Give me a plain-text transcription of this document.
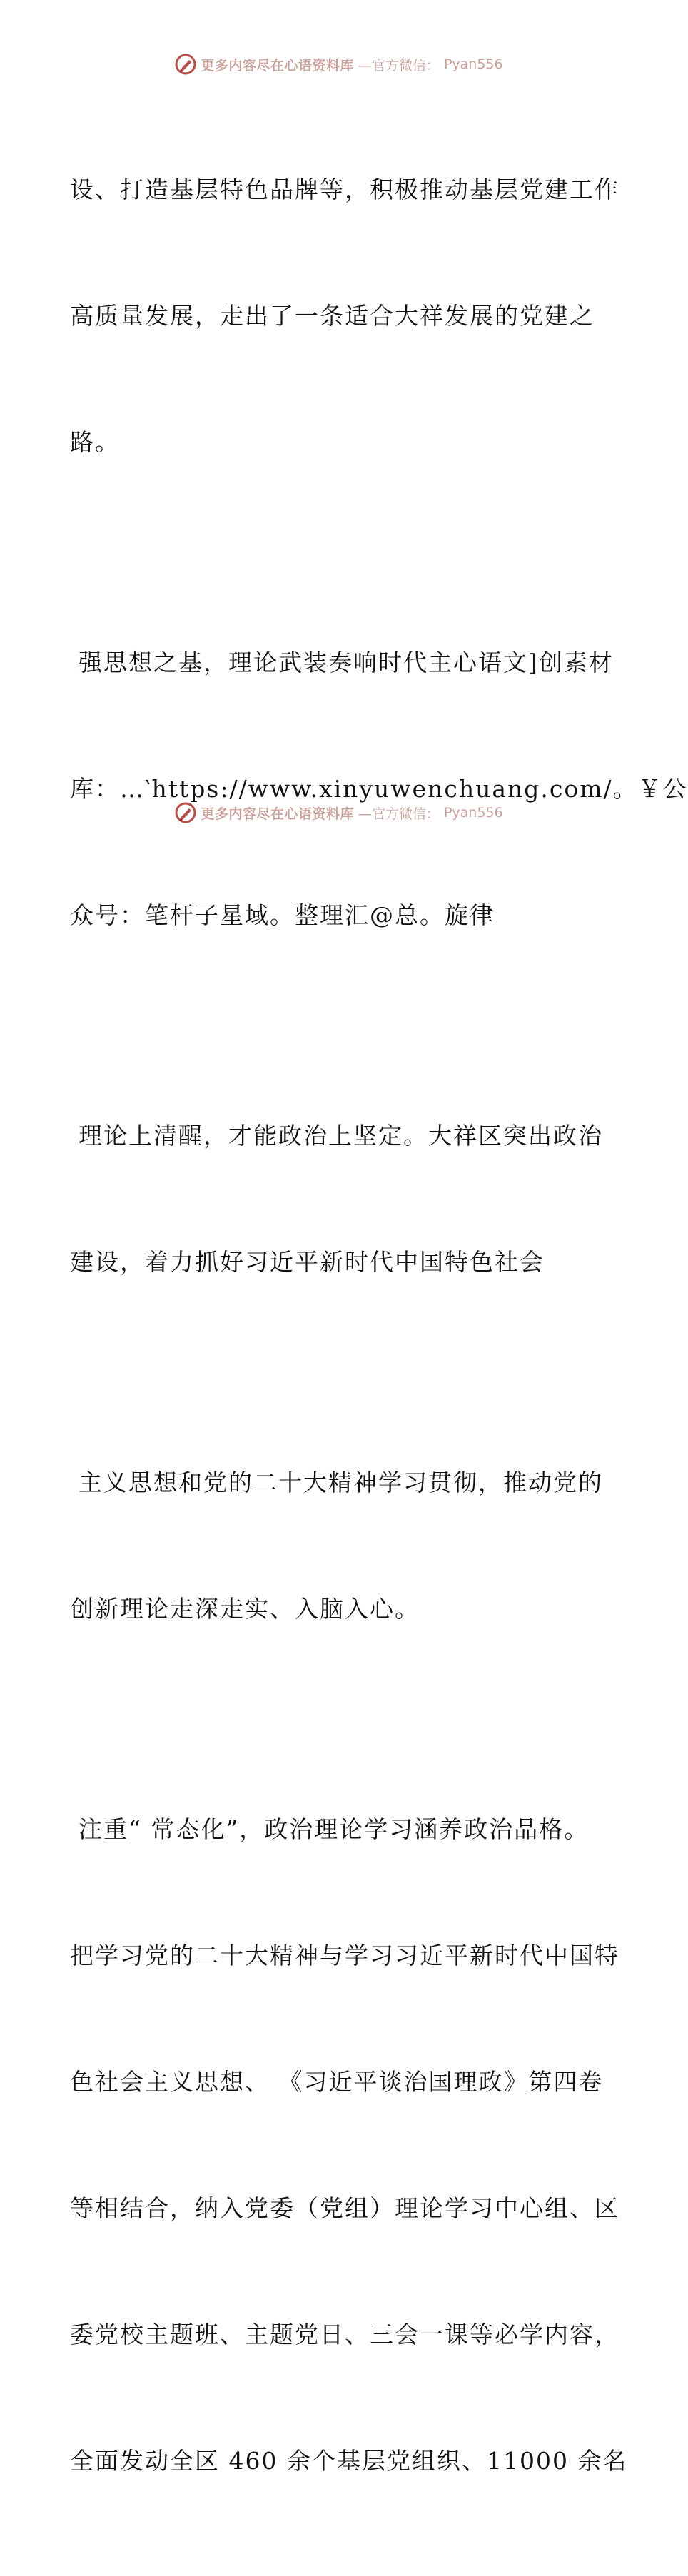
更多内容尽在心语资料库 —官方微信： Pyan556

设、打造基层特色品牌等，积极推动基层党建工作

高质量发展，走出了一条适合大祥发展的党建之

路。

强思想之基，理论武装奏响时代主心语文]创素材

库：…‵https://www.xinyuwenchuang.com/。￥公

众号：笔杆子星域。整理汇@总。旋律

理论上清醒，才能政治上坚定。大祥区突出政治

建设，着力抓好习近平新时代中国特色社会

主义思想和党的二十大精神学习贯彻，推动党的

创新理论走深走实、入脑入心。

注重“ 常态化”，政治理论学习涵养政治品格。

把学习党的二十大精神与学习习近平新时代中国特

色社会主义思想、 《习近平谈治国理政》第四卷

等相结合，纳入党委（党组）理论学习中心组、区

委党校主题班、主题党日、三会一课等必学内容，

全面发动全区 460 余个基层党组织、11000 余名

更多内容尽在心语资料库 —官方微信： Pyan556
